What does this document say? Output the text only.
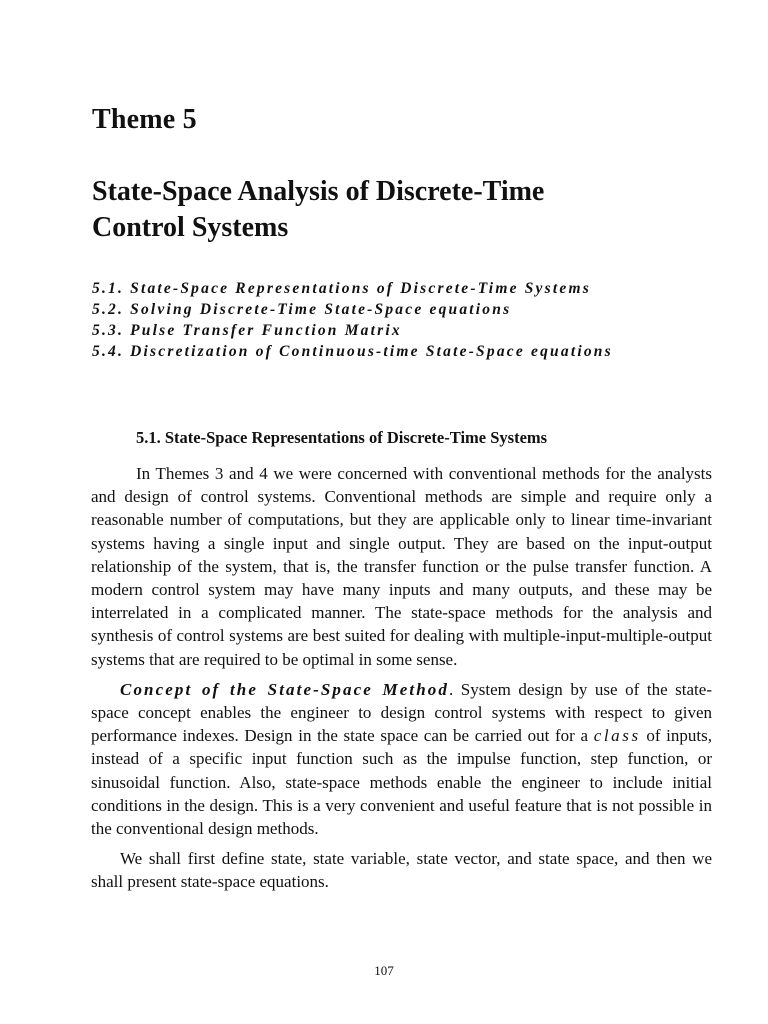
Theme 5
State-Space Analysis of Discrete-Time
Control Systems
5.1. State-Space Representations of Discrete-Time Systems
5.2. Solving Discrete-Time State-Space equations
5.3. Pulse Transfer Function Matrix
5.4. Discretization of Continuous-time State-Space equations
5.1. State-Space Representations of Discrete-Time Systems

In Themes 3 and 4 we were concerned with conventional methods for the analysts and design of control systems. Conventional methods are simple and require only a reasonable number of computations, but they are applicable only to linear time-invariant systems having a single input and single output. They are based on the input-output relationship of the system, that is, the transfer function or the pulse transfer function. A modern control system may have many inputs and many outputs, and these may be interrelated in a complicated manner. The state-space methods for the analysis and synthesis of control systems are best suited for dealing with multiple-input-multiple-output systems that are required to be optimal in some sense.

Concept of the State-Space Method. System design by use of the state-space concept enables the engineer to design control systems with respect to given performance indexes. Design in the state space can be carried out for a class of inputs, instead of a specific input function such as the impulse function, step function, or sinusoidal function. Also, state-space methods enable the engineer to include initial conditions in the design. This is a very convenient and useful feature that is not possible in the conventional design methods.

We shall first define state, state variable, state vector, and state space, and then we shall present state-space equations.

107
